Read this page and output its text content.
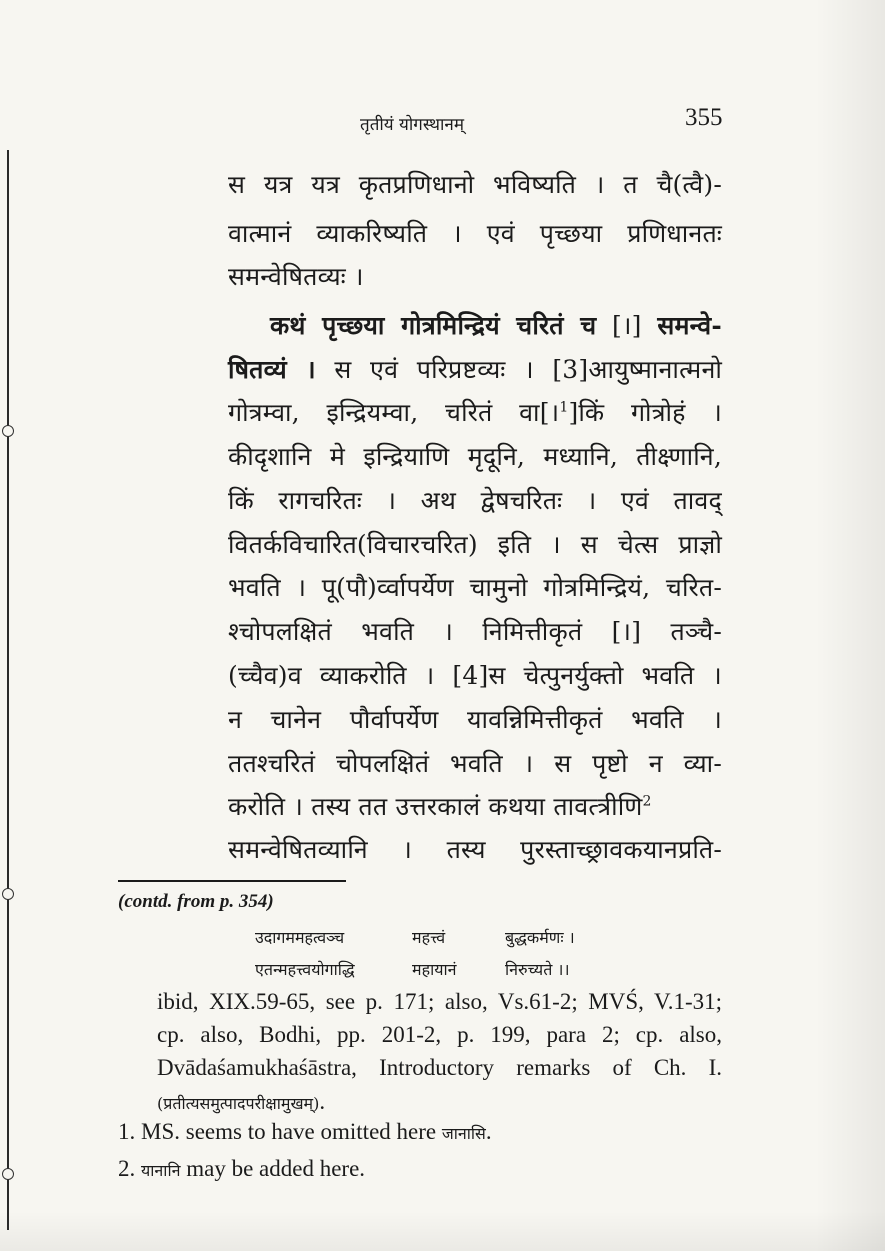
तृतीयं योगस्थानम्	355
स यत्र यत्र कृतप्रणिधानो भविष्यति । त चै(त्वै)-
वात्मानं व्याकरिष्यति । एवं पृच्छया प्रणिधानतः
समन्वेषितव्यः ।
कथं पृच्छया गोत्रमिन्द्रियं चरितं च [।] समन्वे-
षितव्यं । स एवं परिप्रष्टव्यः । [3]आयुष्मानात्मनो
गोत्रम्वा, इन्द्रियम्वा, चरितं वा[।$^1$]किं गोत्रोहं ।
कीदृशानि मे इन्द्रियाणि मृदूनि, मध्यानि, तीक्ष्णानि,
किं रागचरितः । अथ द्वेषचरितः । एवं तावद्
वितर्कविचारित(विचारचरित) इति । स चेत्स प्राज्ञो
भवति । पू(पौ)र्व्वापर्येण चामुनो गोत्रमिन्द्रियं, चरित-
श्चोपलक्षितं भवति । निमित्तीकृतं [।] तञ्चै-
(च्चैव)व व्याकरोति । [4]स चेत्पुनर्युक्तो भवति ।
न चानेन पौर्वापर्येण यावन्निमित्तीकृतं भवति ।
ततश्चरितं चोपलक्षितं भवति । स पृष्टो न व्या-
करोति । तस्य तत उत्तरकालं कथया तावत्त्रीणि$^2$
समन्वेषितव्यानि । तस्य पुरस्ताच्छ्रावकयानप्रति-
(contd. from p. 354)
उदागममहत्वञ्च	महत्त्वं	बुद्धकर्मणः ।
एतन्महत्त्वयोगाद्धि	महायानं	निरुच्यते ।।
ibid, XIX.59-65, see p. 171; also, Vs.61-2; MVŚ, V.1-31;
cp. also, Bodhi, pp. 201-2, p. 199, para 2; cp. also,
Dvādaśamukhaśāstra, Introductory remarks of Ch. I.
(प्रतीत्यसमुत्पादपरीक्षामुखम्).
1. MS. seems to have omitted here जानासि.
2. यानानि may be added here.
